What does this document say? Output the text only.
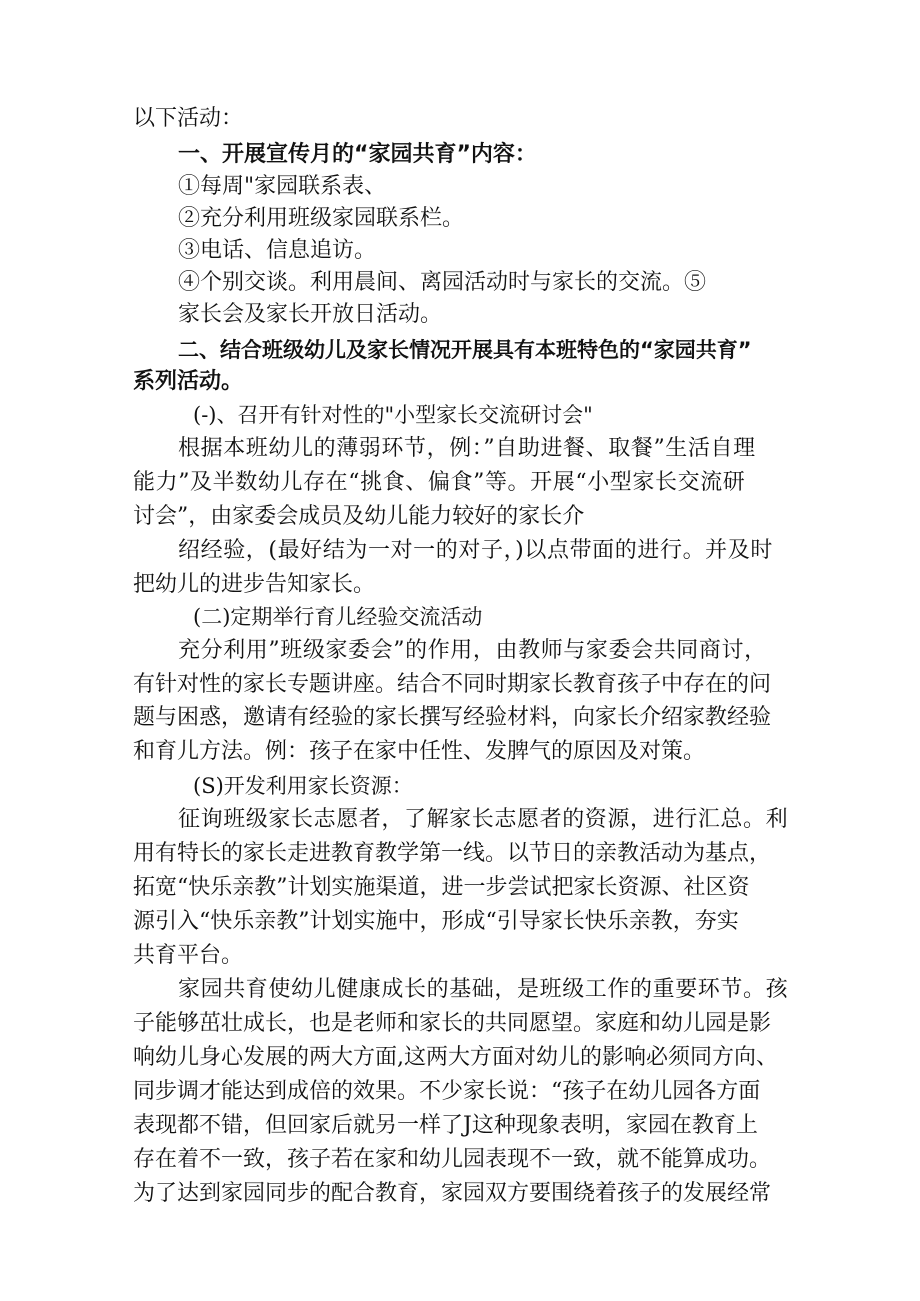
以下活动：
一、开展宣传月的“家园共育”内容：
①每周"家园联系表、
②充分利用班级家园联系栏。
③电话、信息追访。
④个别交谈。利用晨间、离园活动时与家长的交流。⑤
家长会及家长开放日活动。
二、结合班级幼儿及家长情况开展具有本班特色的“家园共育”
系列活动。
(-)、召开有针对性的"小型家长交流研讨会"
根据本班幼儿的薄弱环节，例：”自助进餐、取餐”生活自理
能力”及半数幼儿存在“挑食、偏食”等。开展“小型家长交流研
讨会”，由家委会成员及幼儿能力较好的家长介
绍经验，(最好结为一对一的对子，)以点带面的进行。并及时
把幼儿的进步告知家长。
(二)定期举行育儿经验交流活动
充分利用”班级家委会”的作用，由教师与家委会共同商讨，
有针对性的家长专题讲座。结合不同时期家长教育孩子中存在的问
题与困惑，邀请有经验的家长撰写经验材料，向家长介绍家教经验
和育儿方法。例：孩子在家中任性、发脾气的原因及对策。
(S)开发利用家长资源：
征询班级家长志愿者，了解家长志愿者的资源，进行汇总。利
用有特长的家长走进教育教学第一线。以节日的亲教活动为基点，
拓宽“快乐亲教”计划实施渠道，进一步尝试把家长资源、社区资
源引入“快乐亲教”计划实施中，形成“引导家长快乐亲教，夯实
共育平台。
家园共育使幼儿健康成长的基础，是班级工作的重要环节。孩
子能够茁壮成长，也是老师和家长的共同愿望。家庭和幼儿园是影
响幼儿身心发展的两大方面,这两大方面对幼儿的影响必须同方向、
同步调才能达到成倍的效果。不少家长说：“孩子在幼儿园各方面
表现都不错，但回家后就另一样了J这种现象表明，家园在教育上
存在着不一致，孩子若在家和幼儿园表现不一致，就不能算成功。
为了达到家园同步的配合教育，家园双方要围绕着孩子的发展经常
